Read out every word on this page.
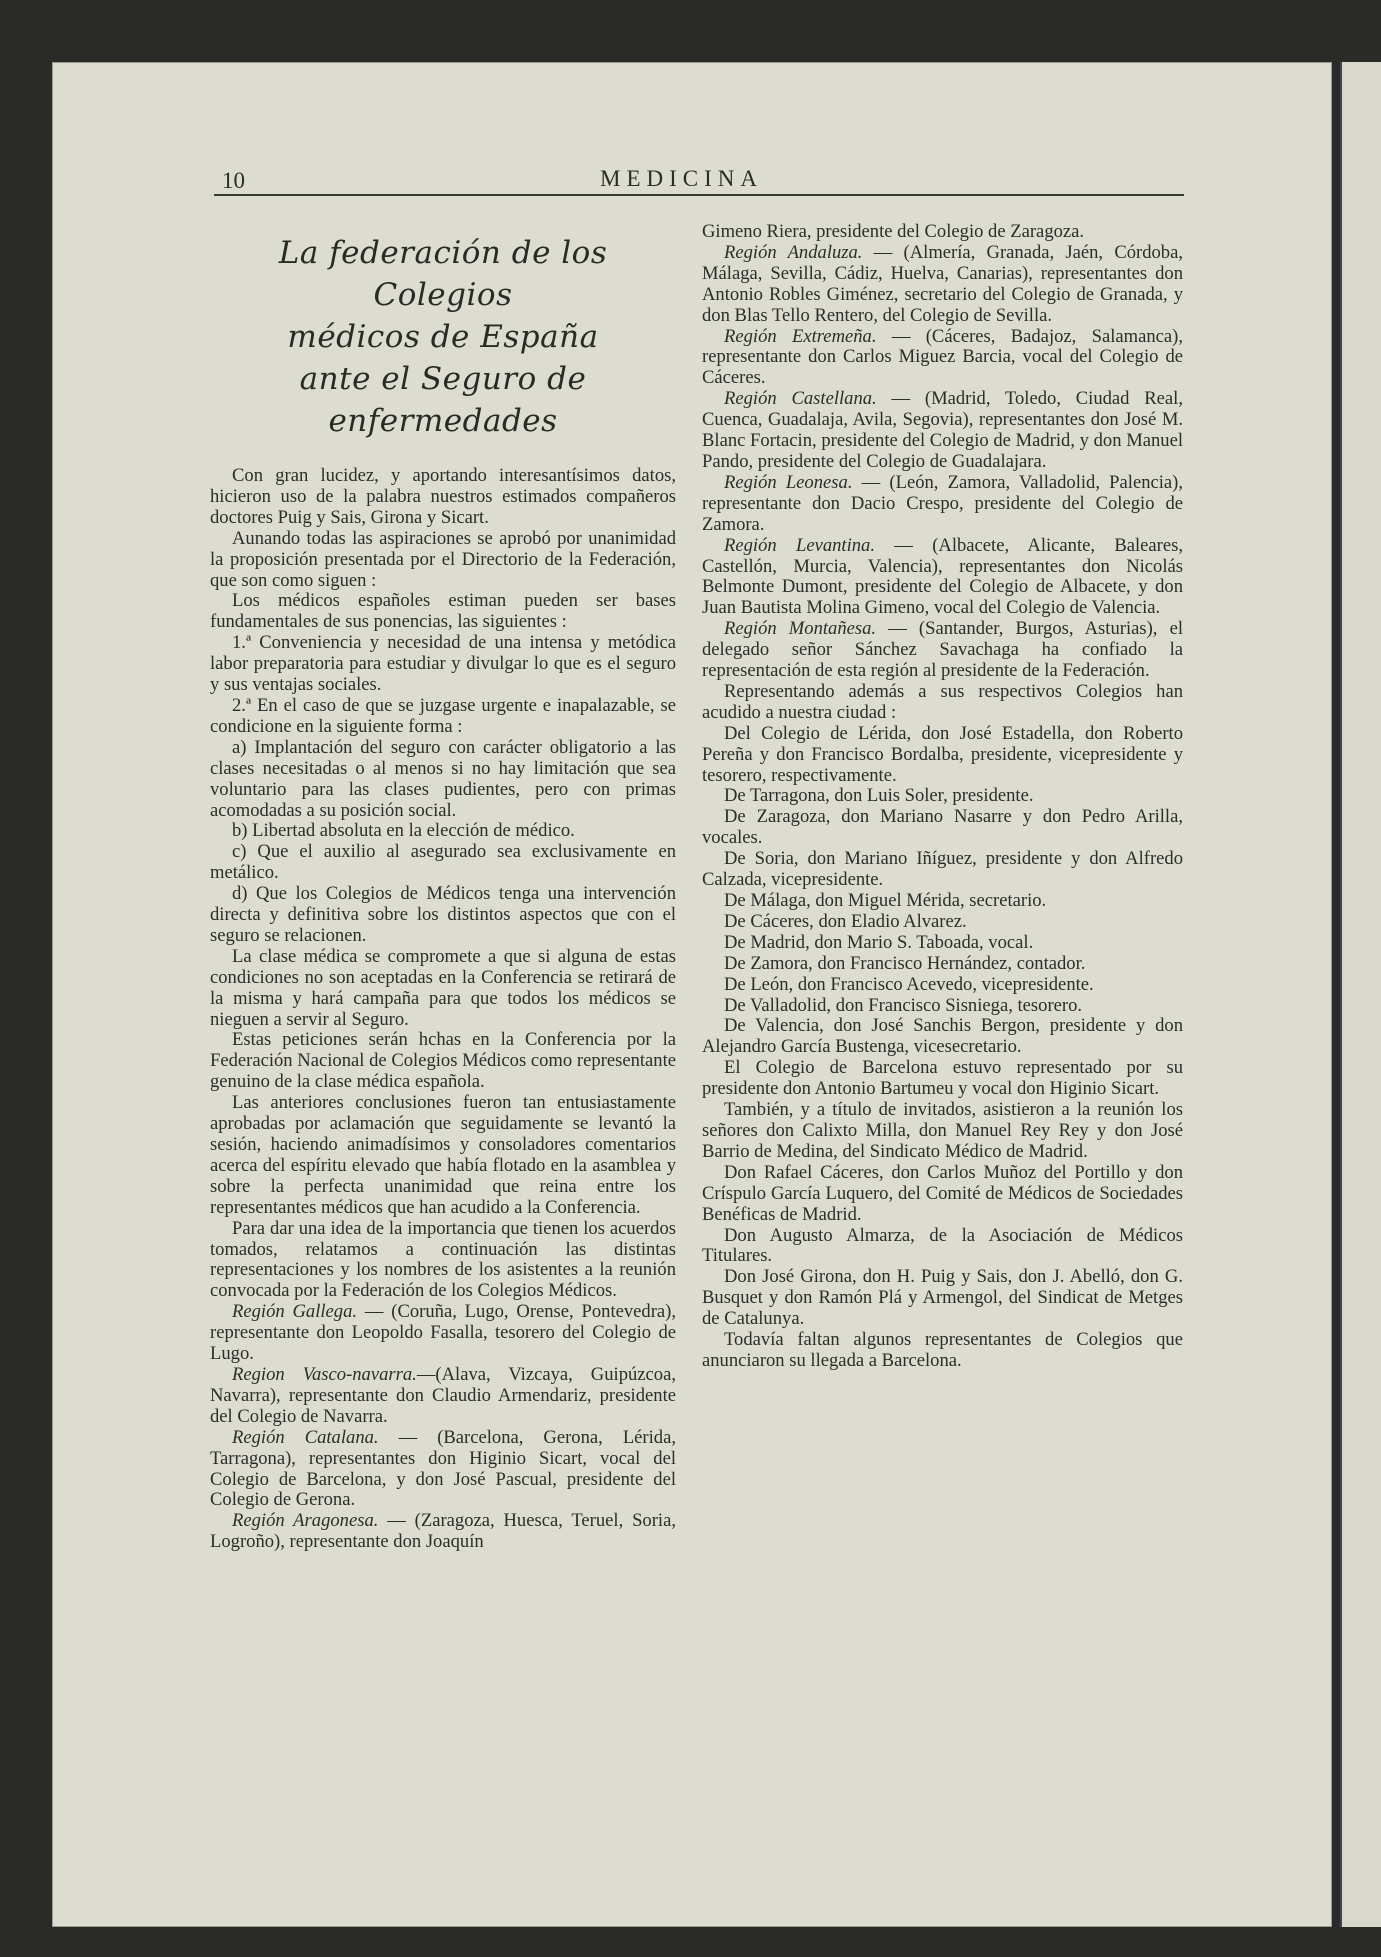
10	MEDICINA
La federación de los Colegios
médicos de España
ante el Seguro de enfermedades

Con gran lucidez, y aportando interesantísimos datos, hicieron uso de la palabra nuestros estimados compañeros doctores Puig y Sais, Girona y Sicart.

Aunando todas las aspiraciones se aprobó por unanimidad la proposición presentada por el Directorio de la Federación, que son como siguen :

Los médicos españoles estiman pueden ser bases fundamentales de sus ponencias, las siguientes :

1.ª Conveniencia y necesidad de una intensa y metódica labor preparatoria para estudiar y divulgar lo que es el seguro y sus ventajas sociales.

2.ª En el caso de que se juzgase urgente e inapalazable, se condicione en la siguiente forma :

a) Implantación del seguro con carácter obligatorio a las clases necesitadas o al menos si no hay limitación que sea voluntario para las clases pudientes, pero con primas acomodadas a su posición social.

b) Libertad absoluta en la elección de médico.

c) Que el auxilio al asegurado sea exclusivamente en metálico.

d) Que los Colegios de Médicos tenga una intervención directa y definitiva sobre los distintos aspectos que con el seguro se relacionen.

La clase médica se compromete a que si alguna de estas condiciones no son aceptadas en la Conferencia se retirará de la misma y hará campaña para que todos los médicos se nieguen a servir al Seguro.

Estas peticiones serán hchas en la Conferencia por la Federación Nacional de Colegios Médicos como representante genuino de la clase médica española.

Las anteriores conclusiones fueron tan entusiastamente aprobadas por aclamación que seguidamente se levantó la sesión, haciendo animadísimos y consoladores comentarios acerca del espíritu elevado que había flotado en la asamblea y sobre la perfecta unanimidad que reina entre los representantes médicos que han acudido a la Conferencia.

Para dar una idea de la importancia que tienen los acuerdos tomados, relatamos a continuación las distintas representaciones y los nombres de los asistentes a la reunión convocada por la Federación de los Colegios Médicos.

Región Gallega. — (Coruña, Lugo, Orense, Pontevedra), representante don Leopoldo Fasalla, tesorero del Colegio de Lugo.

Region Vasco-navarra.—(Alava, Vizcaya, Guipúzcoa, Navarra), representante don Claudio Armendariz, presidente del Colegio de Navarra.

Región Catalana. — (Barcelona, Gerona, Lérida, Tarragona), representantes don Higinio Sicart, vocal del Colegio de Barcelona, y don José Pascual, presidente del Colegio de Gerona.

Región Aragonesa. — (Zaragoza, Huesca, Teruel, Soria, Logroño), representante don Joaquín

Gimeno Riera, presidente del Colegio de Zaragoza.

Región Andaluza. — (Almería, Granada, Jaén, Córdoba, Málaga, Sevilla, Cádiz, Huelva, Canarias), representantes don Antonio Robles Giménez, secretario del Colegio de Granada, y don Blas Tello Rentero, del Colegio de Sevilla.

Región Extremeña. — (Cáceres, Badajoz, Salamanca), representante don Carlos Miguez Barcia, vocal del Colegio de Cáceres.

Región Castellana. — (Madrid, Toledo, Ciudad Real, Cuenca, Guadalaja, Avila, Segovia), representantes don José M. Blanc Fortacin, presidente del Colegio de Madrid, y don Manuel Pando, presidente del Colegio de Guadalajara.

Región Leonesa. — (León, Zamora, Valladolid, Palencia), representante don Dacio Crespo, presidente del Colegio de Zamora.

Región Levantina. — (Albacete, Alicante, Baleares, Castellón, Murcia, Valencia), representantes don Nicolás Belmonte Dumont, presidente del Colegio de Albacete, y don Juan Bautista Molina Gimeno, vocal del Colegio de Valencia.

Región Montañesa. — (Santander, Burgos, Asturias), el delegado señor Sánchez Savachaga ha confiado la representación de esta región al presidente de la Federación.

Representando además a sus respectivos Colegios han acudido a nuestra ciudad :

Del Colegio de Lérida, don José Estadella, don Roberto Pereña y don Francisco Bordalba, presidente, vicepresidente y tesorero, respectivamente.

De Tarragona, don Luis Soler, presidente.

De Zaragoza, don Mariano Nasarre y don Pedro Arilla, vocales.

De Soria, don Mariano Iñíguez, presidente y don Alfredo Calzada, vicepresidente.

De Málaga, don Miguel Mérida, secretario.

De Cáceres, don Eladio Alvarez.

De Madrid, don Mario S. Taboada, vocal.

De Zamora, don Francisco Hernández, contador.

De León, don Francisco Acevedo, vicepresidente.

De Valladolid, don Francisco Sisniega, tesorero.

De Valencia, don José Sanchis Bergon, presidente y don Alejandro García Bustenga, vicesecretario.

El Colegio de Barcelona estuvo representado por su presidente don Antonio Bartumeu y vocal don Higinio Sicart.

También, y a título de invitados, asistieron a la reunión los señores don Calixto Milla, don Manuel Rey Rey y don José Barrio de Medina, del Sindicato Médico de Madrid.

Don Rafael Cáceres, don Carlos Muñoz del Portillo y don Críspulo García Luquero, del Comité de Médicos de Sociedades Benéficas de Madrid.

Don Augusto Almarza, de la Asociación de Médicos Titulares.

Don José Girona, don H. Puig y Sais, don J. Abelló, don G. Busquet y don Ramón Plá y Armengol, del Sindicat de Metges de Catalunya.

Todavía faltan algunos representantes de Colegios que anunciaron su llegada a Barcelona.
